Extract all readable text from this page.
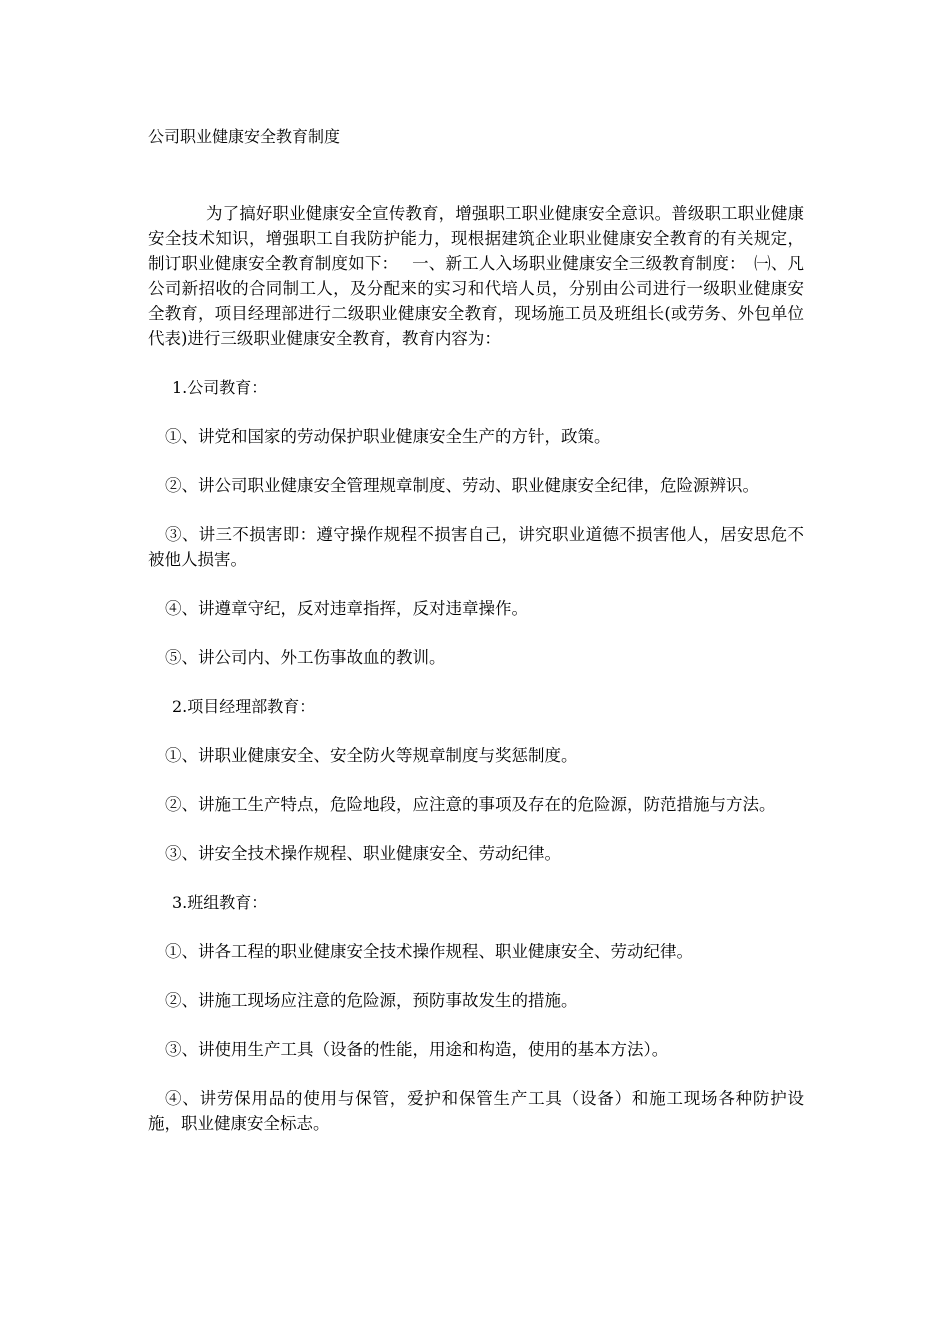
公司职业健康安全教育制度

为了搞好职业健康安全宣传教育，增强职工职业健康安全意识。普级职工职业健康安全技术知识，增强职工自我防护能力，现根据建筑企业职业健康安全教育的有关规定，制订职业健康安全教育制度如下：　 一、新工人入场职业健康安全三级教育制度：　㈠、凡公司新招收的合同制工人，及分配来的实习和代培人员，分别由公司进行一级职业健康安全教育，项目经理部进行二级职业健康安全教育，现场施工员及班组长(或劳务、外包单位代表)进行三级职业健康安全教育，教育内容为：
1.公司教育：
①、讲党和国家的劳动保护职业健康安全生产的方针，政策。
②、讲公司职业健康安全管理规章制度、劳动、职业健康安全纪律，危险源辨识。
③、讲三不损害即：遵守操作规程不损害自己，讲究职业道德不损害他人，居安思危不被他人损害。
④、讲遵章守纪，反对违章指挥，反对违章操作。
⑤、讲公司内、外工伤事故血的教训。
2.项目经理部教育：
①、讲职业健康安全、安全防火等规章制度与奖惩制度。
②、讲施工生产特点，危险地段，应注意的事项及存在的危险源，防范措施与方法。
③、讲安全技术操作规程、职业健康安全、劳动纪律。
3.班组教育：
①、讲各工程的职业健康安全技术操作规程、职业健康安全、劳动纪律。
②、讲施工现场应注意的危险源，预防事故发生的措施。
③、讲使用生产工具（设备的性能，用途和构造，使用的基本方法）。
④、讲劳保用品的使用与保管，爱护和保管生产工具（设备）和施工现场各种防护设施，职业健康安全标志。
